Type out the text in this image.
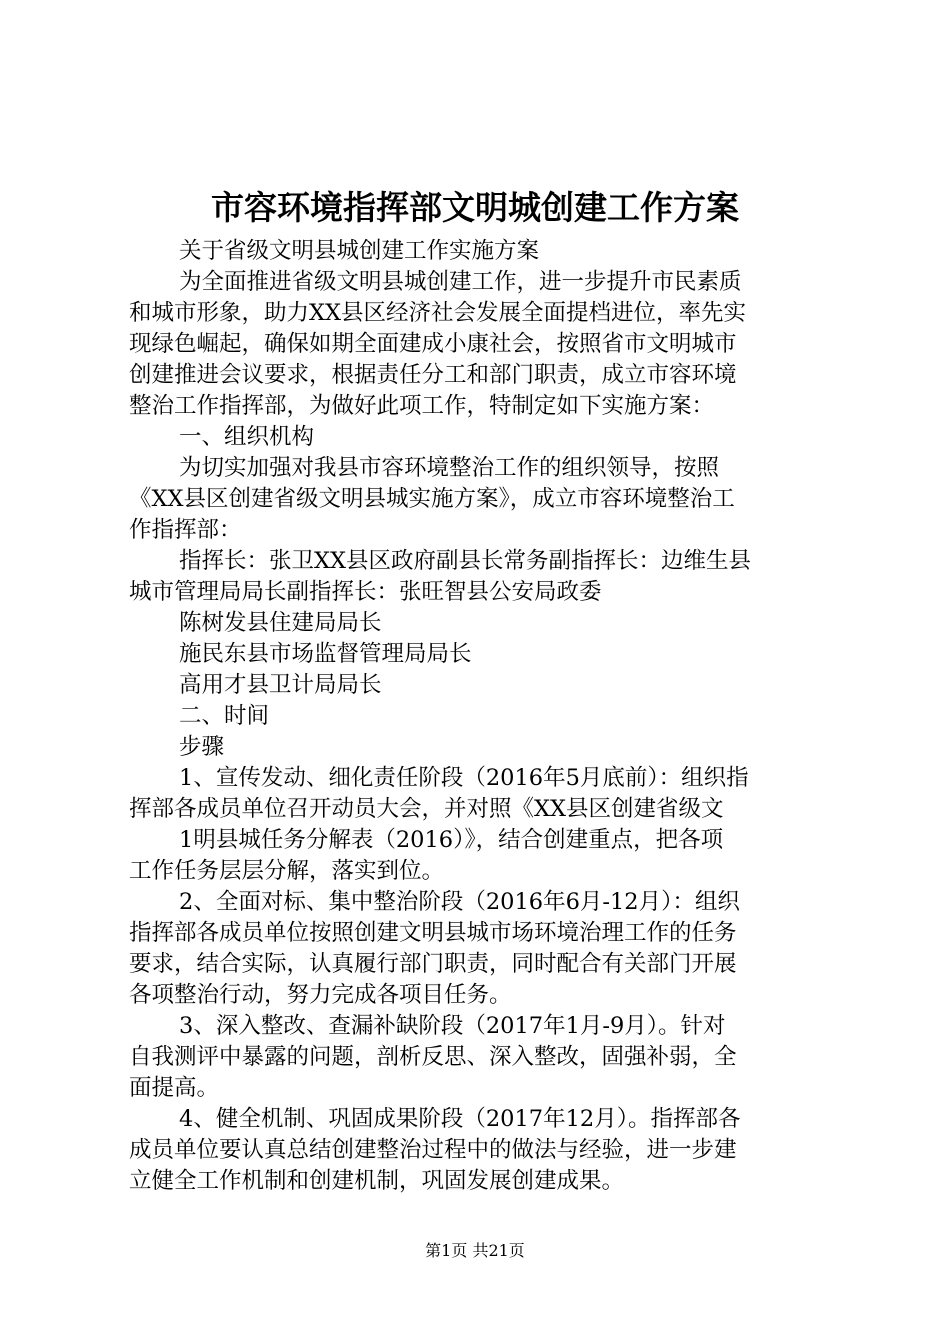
市容环境指挥部文明城创建工作方案
关于省级文明县城创建工作实施方案
为全面推进省级文明县城创建工作，进一步提升市民素质
和城市形象，助力XX县区经济社会发展全面提档进位，率先实
现绿色崛起，确保如期全面建成小康社会，按照省市文明城市
创建推进会议要求，根据责任分工和部门职责，成立市容环境
整治工作指挥部，为做好此项工作，特制定如下实施方案：
一、组织机构
为切实加强对我县市容环境整治工作的组织领导，按照
《XX县区创建省级文明县城实施方案》，成立市容环境整治工
作指挥部：
指挥长：张卫XX县区政府副县长常务副指挥长：边维生县
城市管理局局长副指挥长：张旺智县公安局政委
陈树发县住建局局长
施民东县市场监督管理局局长
高用才县卫计局局长
二、时间
步骤
1、宣传发动、细化责任阶段（2016年5月底前）：组织指
挥部各成员单位召开动员大会，并对照《XX县区创建省级文
1明县城任务分解表（2016）》，结合创建重点，把各项
工作任务层层分解，落实到位。
2、全面对标、集中整治阶段（2016年6月-12月）：组织
指挥部各成员单位按照创建文明县城市场环境治理工作的任务
要求，结合实际，认真履行部门职责，同时配合有关部门开展
各项整治行动，努力完成各项目任务。
3、深入整改、查漏补缺阶段（2017年1月-9月）。针对
自我测评中暴露的问题，剖析反思、深入整改，固强补弱，全
面提高。
4、健全机制、巩固成果阶段（2017年12月）。指挥部各
成员单位要认真总结创建整治过程中的做法与经验，进一步建
立健全工作机制和创建机制，巩固发展创建成果。
第1页 共21页
